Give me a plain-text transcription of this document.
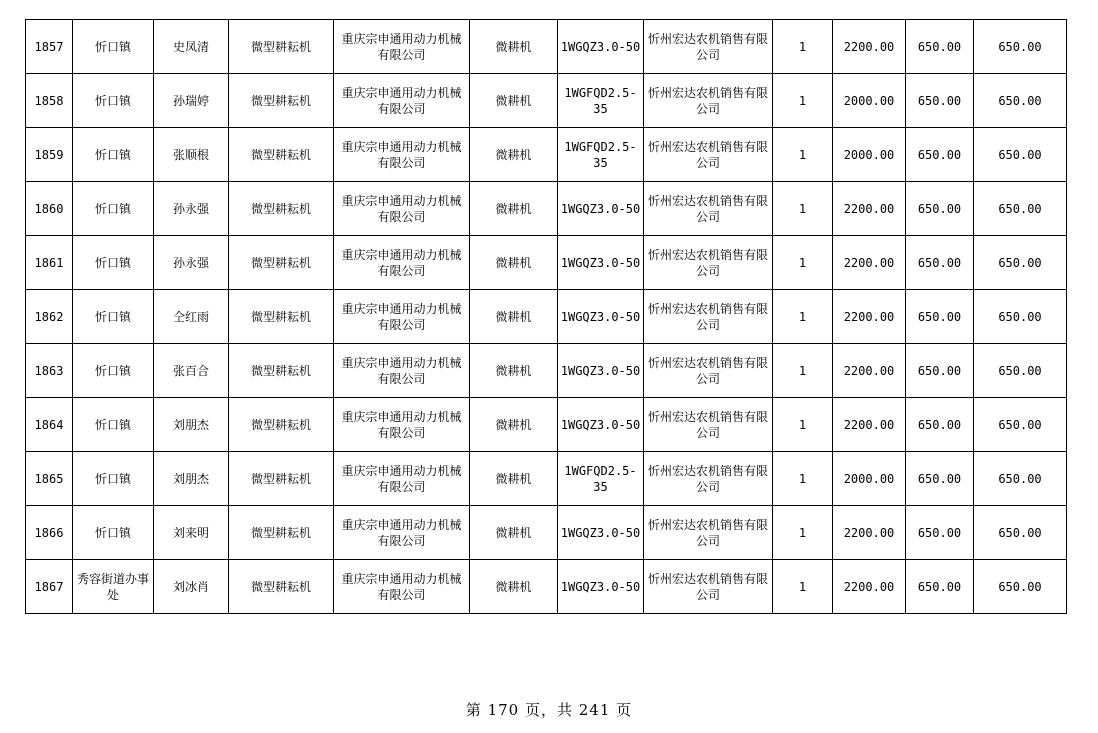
1857	忻口镇	史凤清	微型耕耘机	重庆宗申通用动力机械有限公司	微耕机	1WGQZ3.0-50	忻州宏达农机销售有限公司	1	2200.00	650.00	650.00
1858	忻口镇	孙瑞婷	微型耕耘机	重庆宗申通用动力机械有限公司	微耕机	1WGFQD2.5-35	忻州宏达农机销售有限公司	1	2000.00	650.00	650.00
1859	忻口镇	张顺根	微型耕耘机	重庆宗申通用动力机械有限公司	微耕机	1WGFQD2.5-35	忻州宏达农机销售有限公司	1	2000.00	650.00	650.00
1860	忻口镇	孙永强	微型耕耘机	重庆宗申通用动力机械有限公司	微耕机	1WGQZ3.0-50	忻州宏达农机销售有限公司	1	2200.00	650.00	650.00
1861	忻口镇	孙永强	微型耕耘机	重庆宗申通用动力机械有限公司	微耕机	1WGQZ3.0-50	忻州宏达农机销售有限公司	1	2200.00	650.00	650.00
1862	忻口镇	仝红雨	微型耕耘机	重庆宗申通用动力机械有限公司	微耕机	1WGQZ3.0-50	忻州宏达农机销售有限公司	1	2200.00	650.00	650.00
1863	忻口镇	张百合	微型耕耘机	重庆宗申通用动力机械有限公司	微耕机	1WGQZ3.0-50	忻州宏达农机销售有限公司	1	2200.00	650.00	650.00
1864	忻口镇	刘朋杰	微型耕耘机	重庆宗申通用动力机械有限公司	微耕机	1WGQZ3.0-50	忻州宏达农机销售有限公司	1	2200.00	650.00	650.00
1865	忻口镇	刘朋杰	微型耕耘机	重庆宗申通用动力机械有限公司	微耕机	1WGFQD2.5-35	忻州宏达农机销售有限公司	1	2000.00	650.00	650.00
1866	忻口镇	刘来明	微型耕耘机	重庆宗申通用动力机械有限公司	微耕机	1WGQZ3.0-50	忻州宏达农机销售有限公司	1	2200.00	650.00	650.00
1867	秀容街道办事处	刘冰肖	微型耕耘机	重庆宗申通用动力机械有限公司	微耕机	1WGQZ3.0-50	忻州宏达农机销售有限公司	1	2200.00	650.00	650.00
第 170 页，共 241 页
